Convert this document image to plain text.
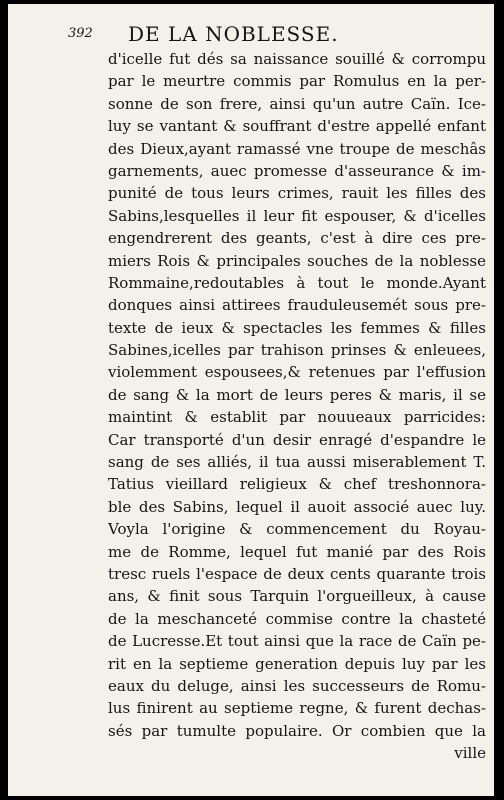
392 DE LA NOBLESSE.
d'icelle fut dés sa naissance souillé & corrompu
par le meurtre commis par Romulus en la per-
sonne de son frere, ainsi qu'un autre Caïn. Ice-
luy se vantant & souffrant d'estre appellé enfant
des Dieux,ayant ramassé vne troupe de meschâs
garnements, auec promesse d'asseurance & im-
punité de tous leurs crimes, rauit les filles des
Sabins,lesquelles il leur fit espouser, & d'icelles
engendrerent des geants, c'est à dire ces pre-
miers Rois & principales souches de la noblesse
Rommaine,redoutables à tout le monde.Ayant
donques ainsi attirees frauduleusemét sous pre-
texte de ieux & spectacles les femmes & filles
Sabines,icelles par trahison prinses & enleuees,
violemment espousees,& retenues par l'effusion
de sang & la mort de leurs peres & maris, il se
maintint & establit par nouueaux parricides:
Car transporté d'un desir enragé d'espandre le
sang de ses alliés, il tua aussi miserablement T.
Tatius vieillard religieux & chef treshonnora-
ble des Sabins, lequel il auoit associé auec luy.
Voyla l'origine & commencement du Royau-
me de Romme, lequel fut manié par des Rois
tresc ruels l'espace de deux cents quarante trois
ans, & finit sous Tarquin l'orgueilleux, à cause
de la meschanceté commise contre la chasteté
de Lucresse.Et tout ainsi que la race de Caïn pe-
rit en la septieme generation depuis luy par les
eaux du deluge, ainsi les successeurs de Romu-
lus finirent au septieme regne, & furent dechas-
sés par tumulte populaire. Or combien que la
ville
